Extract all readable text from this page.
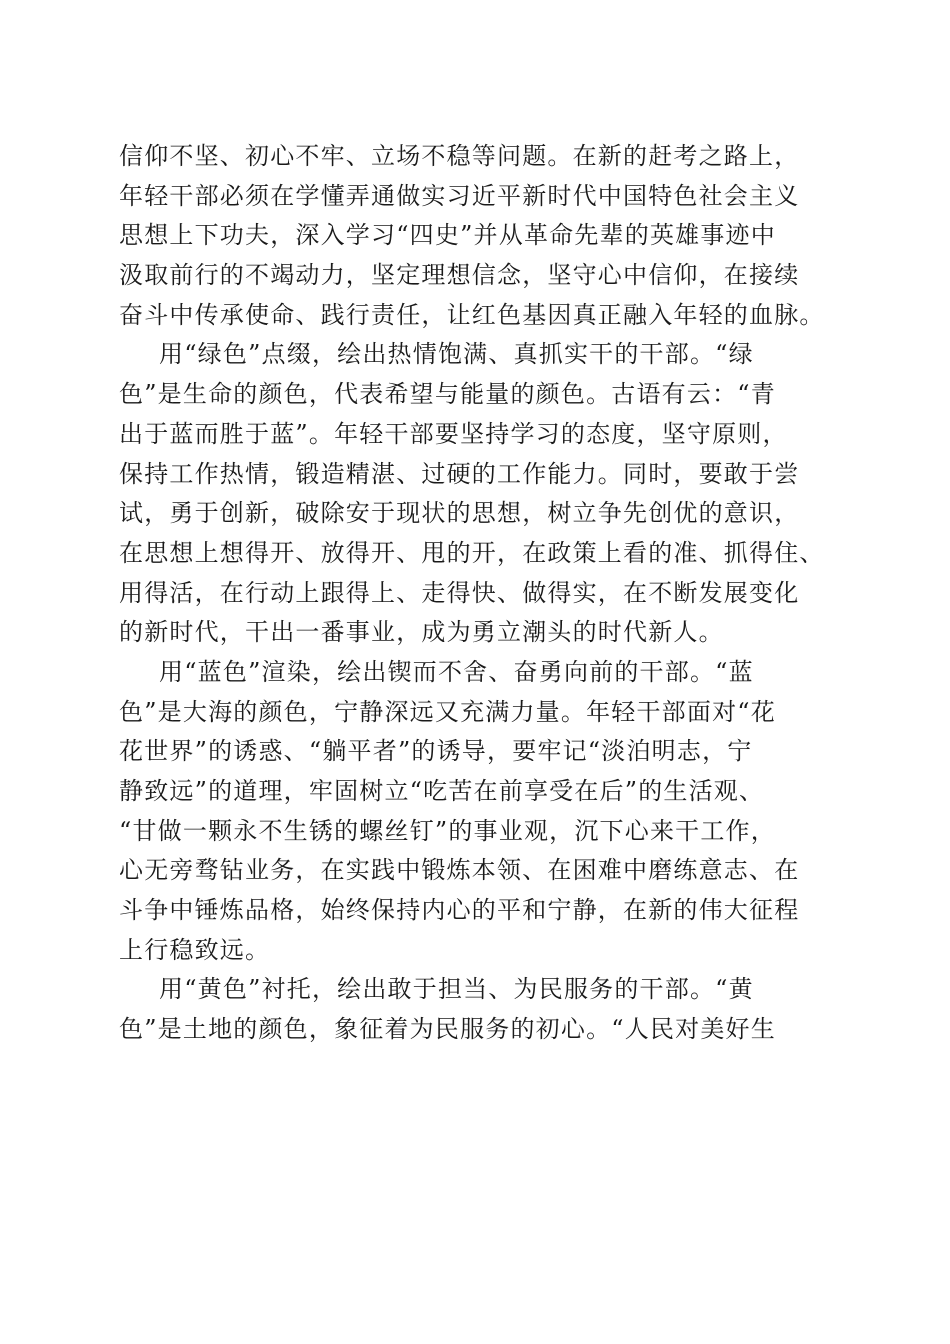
信仰不坚、初心不牢、立场不稳等问题。在新的赶考之路上，
年轻干部必须在学懂弄通做实习近平新时代中国特色社会主义
思想上下功夫，深入学习“四史”并从革命先辈的英雄事迹中
汲取前行的不竭动力，坚定理想信念，坚守心中信仰，在接续
奋斗中传承使命、践行责任，让红色基因真正融入年轻的血脉。
用“绿色”点缀，绘出热情饱满、真抓实干的干部。“绿
色”是生命的颜色，代表希望与能量的颜色。古语有云：“青
出于蓝而胜于蓝”。年轻干部要坚持学习的态度，坚守原则，
保持工作热情，锻造精湛、过硬的工作能力。同时，要敢于尝
试，勇于创新，破除安于现状的思想，树立争先创优的意识，
在思想上想得开、放得开、甩的开，在政策上看的准、抓得住、
用得活，在行动上跟得上、走得快、做得实，在不断发展变化
的新时代，干出一番事业，成为勇立潮头的时代新人。
用“蓝色”渲染，绘出锲而不舍、奋勇向前的干部。“蓝
色”是大海的颜色，宁静深远又充满力量。年轻干部面对“花
花世界”的诱惑、“躺平者”的诱导，要牢记“淡泊明志，宁
静致远”的道理，牢固树立“吃苦在前享受在后”的生活观、
“甘做一颗永不生锈的螺丝钉”的事业观，沉下心来干工作，
心无旁骛钻业务，在实践中锻炼本领、在困难中磨练意志、在
斗争中锤炼品格，始终保持内心的平和宁静，在新的伟大征程
上行稳致远。
用“黄色”衬托，绘出敢于担当、为民服务的干部。“黄
色”是土地的颜色，象征着为民服务的初心。“人民对美好生
